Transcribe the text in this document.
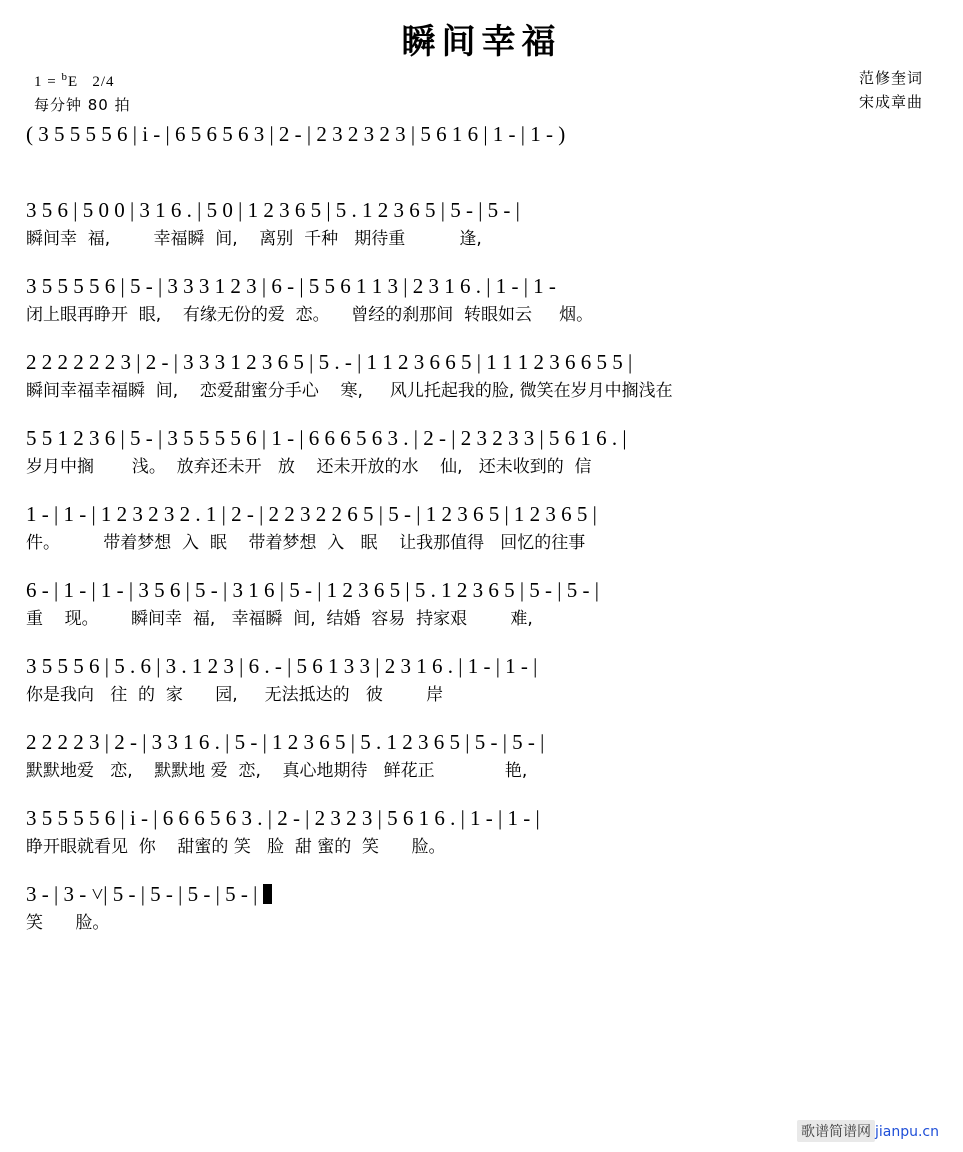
瞬间幸福
1 = $^b$E 2/4
每分钟 80 拍
范修奎词
宋成章曲
( 3 5 5 5 5 6 | i - | 6 5 6 5 6 3 | 2 - | 2 3 2 3 2 3 | 5 6 1 6 | 1 - | 1 - )
3 5 6 | 5 0 0 | 3 1 6 . | 5 0 | 1 2 3 6 5 | 5 . 1 2 3 6 5 | 5 - | 5 - |
瞬间幸  福,        幸福瞬  间,    离别  千种   期待重          逢,
3 5 5 5 5 6 | 5 - | 3 3 3 1 2 3 | 6 - | 5 5 6 1 1 3 | 2 3 1 6 . | 1 - | 1 -
闭上眼再睁开  眼,    有缘无份的爱  恋。    曾经的刹那间  转眼如云     烟。
2 2 2 2 2 2 3 | 2 - | 3 3 3 1 2 3 6 5 | 5 . - | 1 1 2 3 6 6 5 | 1 1 1 2 3 6 6 5 5 |
瞬间幸福幸福瞬  间,    恋爱甜蜜分手心    寒,     风儿托起我的脸, 微笑在岁月中搁浅在
5 5 1 2 3 6 | 5 - | 3 5 5 5 5 6 | 1 - | 6 6 6 5 6 3 . | 2 - | 2 3 2 3 3 | 5 6 1 6 . |
岁月中搁       浅。  放弃还未开   放    还未开放的水    仙,   还未收到的  信
1 - | 1 - | 1 2 3 2 3 2 . 1 | 2 - | 2 2 3 2 2 6 5 | 5 - | 1 2 3 6 5 | 1 2 3 6 5 |
件。        带着梦想  入  眠    带着梦想  入   眠    让我那值得   回忆的往事
6 - | 1 - | 1 - | 3 5 6 | 5 - | 3 1 6 | 5 - | 1 2 3 6 5 | 5 . 1 2 3 6 5 | 5 - | 5 - |
重    现。      瞬间幸  福,   幸福瞬  间,  结婚  容易  持家艰        难,
3 5 5 5 6 | 5 . 6 | 3 . 1 2 3 | 6 . - | 5 6 1 3 3 | 2 3 1 6 . | 1 - | 1 - |
你是我向   往  的  家      园,     无法抵达的   彼        岸
2 2 2 2 3 | 2 - | 3 3 1 6 . | 5 - | 1 2 3 6 5 | 5 . 1 2 3 6 5 | 5 - | 5 - |
默默地爱   恋,    默默地 爱  恋,    真心地期待   鲜花正             艳,
3 5 5 5 5 6 | i - | 6 6 6 5 6 3 . | 2 - | 2 3 2 3 | 5 6 1 6 . | 1 - | 1 - |
睁开眼就看见  你    甜蜜的 笑   脸  甜 蜜的  笑      脸。
3 - | 3 - ˅| 5 - | 5 - | 5 - | 5 - |
笑      脸。
歌谱简谱网 jianpu.cn
